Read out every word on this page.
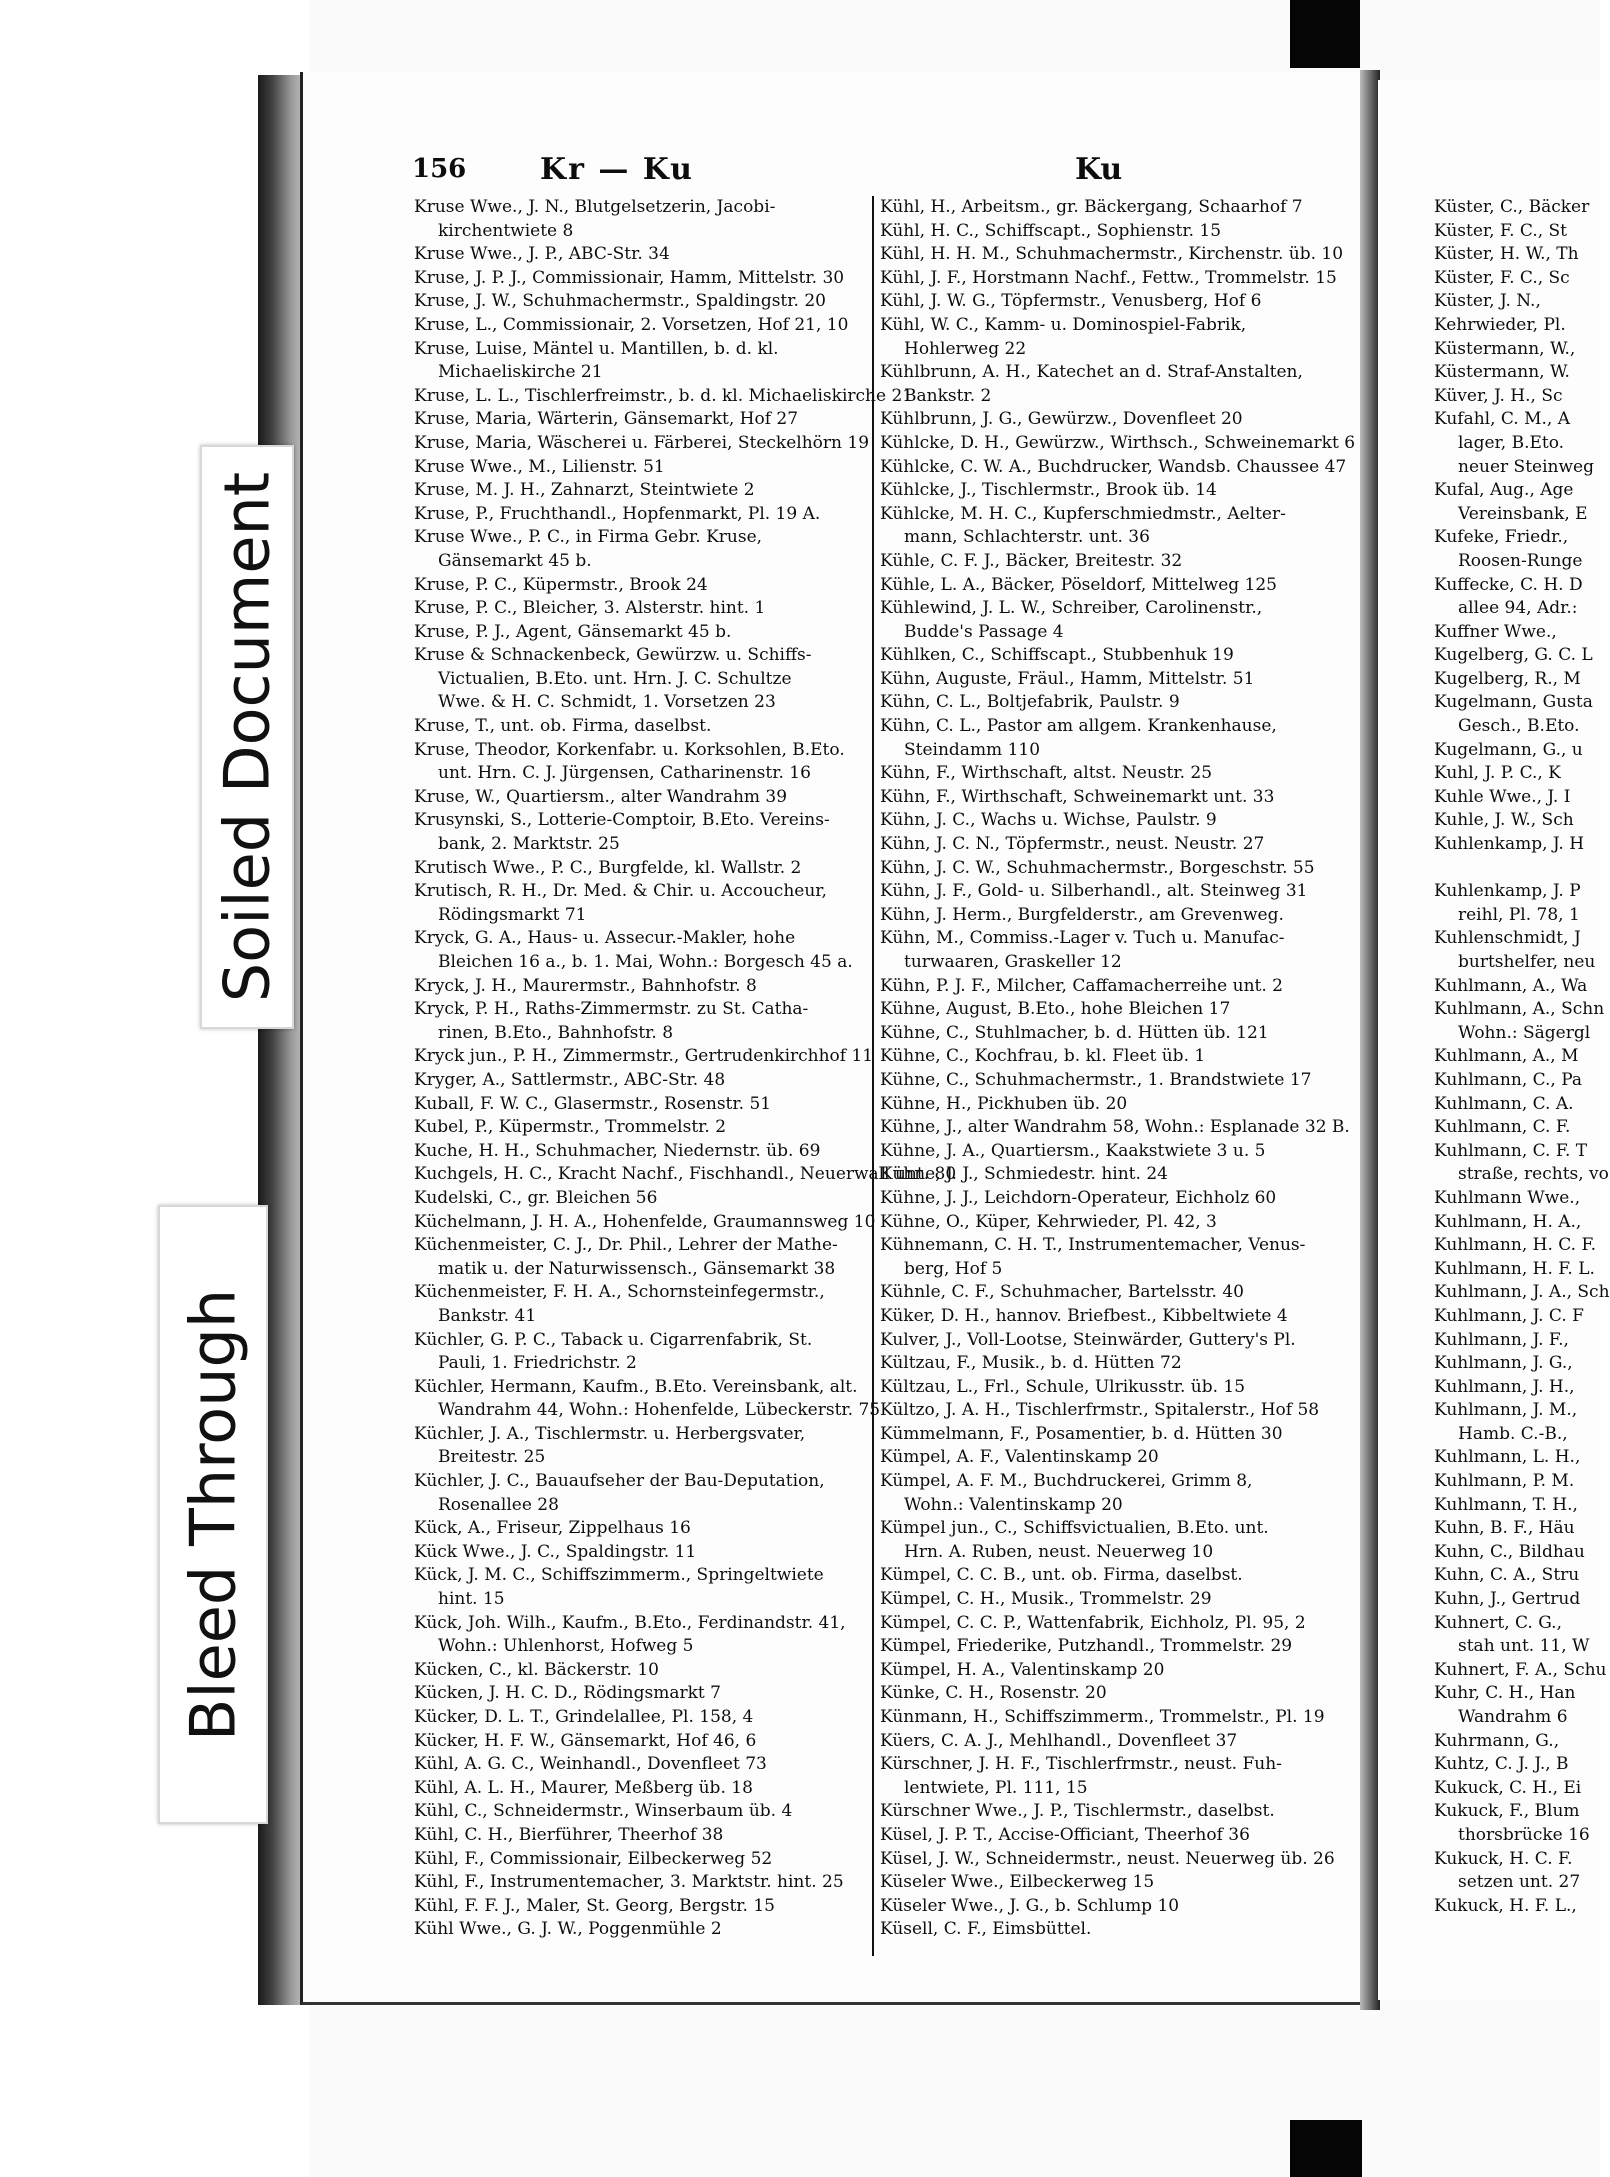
Soiled Document
Bleed Through
156 Kr — Ku	Ku
Kruse Wwe., J. N., Blutgelsetzerin, Jacobi-
kirchentwiete 8
Kruse Wwe., J. P., ABC-Str. 34
Kruse, J. P. J., Commissionair, Hamm, Mittelstr. 30
Kruse, J. W., Schuhmachermstr., Spaldingstr. 20
Kruse, L., Commissionair, 2. Vorsetzen, Hof 21, 10
Kruse, Luise, Mäntel u. Mantillen, b. d. kl.
Michaeliskirche 21
Kruse, L. L., Tischlerfreimstr., b. d. kl. Michaeliskirche 21
Kruse, Maria, Wärterin, Gänsemarkt, Hof 27
Kruse, Maria, Wäscherei u. Färberei, Steckelhörn 19
Kruse Wwe., M., Lilienstr. 51
Kruse, M. J. H., Zahnarzt, Steintwiete 2
Kruse, P., Fruchthandl., Hopfenmarkt, Pl. 19 A.
Kruse Wwe., P. C., in Firma Gebr. Kruse,
Gänsemarkt 45 b.
Kruse, P. C., Küpermstr., Brook 24
Kruse, P. C., Bleicher, 3. Alsterstr. hint. 1
Kruse, P. J., Agent, Gänsemarkt 45 b.
Kruse & Schnackenbeck, Gewürzw. u. Schiffs-
Victualien, B.Eto. unt. Hrn. J. C. Schultze
Wwe. & H. C. Schmidt, 1. Vorsetzen 23
Kruse, T., unt. ob. Firma, daselbst.
Kruse, Theodor, Korkenfabr. u. Korksohlen, B.Eto.
unt. Hrn. C. J. Jürgensen, Catharinenstr. 16
Kruse, W., Quartiersm., alter Wandrahm 39
Krusynski, S., Lotterie-Comptoir, B.Eto. Vereins-
bank, 2. Marktstr. 25
Krutisch Wwe., P. C., Burgfelde, kl. Wallstr. 2
Krutisch, R. H., Dr. Med. & Chir. u. Accoucheur,
Rödingsmarkt 71
Kryck, G. A., Haus- u. Assecur.-Makler, hohe
Bleichen 16 a., b. 1. Mai, Wohn.: Borgesch 45 a.
Kryck, J. H., Maurermstr., Bahnhofstr. 8
Kryck, P. H., Raths-Zimmermstr. zu St. Catha-
rinen, B.Eto., Bahnhofstr. 8
Kryck jun., P. H., Zimmermstr., Gertrudenkirchhof 11
Kryger, A., Sattlermstr., ABC-Str. 48
Kuball, F. W. C., Glasermstr., Rosenstr. 51
Kubel, P., Küpermstr., Trommelstr. 2
Kuche, H. H., Schuhmacher, Niedernstr. üb. 69
Kuchgels, H. C., Kracht Nachf., Fischhandl., Neuerwall unt. 80
Kudelski, C., gr. Bleichen 56
Küchelmann, J. H. A., Hohenfelde, Graumannsweg 10
Küchenmeister, C. J., Dr. Phil., Lehrer der Mathe-
matik u. der Naturwissensch., Gänsemarkt 38
Küchenmeister, F. H. A., Schornsteinfegermstr.,
Bankstr. 41
Küchler, G. P. C., Taback u. Cigarrenfabrik, St.
Pauli, 1. Friedrichstr. 2
Küchler, Hermann, Kaufm., B.Eto. Vereinsbank, alt.
Wandrahm 44, Wohn.: Hohenfelde, Lübeckerstr. 75
Küchler, J. A., Tischlermstr. u. Herbergsvater,
Breitestr. 25
Küchler, J. C., Bauaufseher der Bau-Deputation,
Rosenallee 28
Kück, A., Friseur, Zippelhaus 16
Kück Wwe., J. C., Spaldingstr. 11
Kück, J. M. C., Schiffszimmerm., Springeltwiete
hint. 15
Kück, Joh. Wilh., Kaufm., B.Eto., Ferdinandstr. 41,
Wohn.: Uhlenhorst, Hofweg 5
Kücken, C., kl. Bäckerstr. 10
Kücken, J. H. C. D., Rödingsmarkt 7
Kücker, D. L. T., Grindelallee, Pl. 158, 4
Kücker, H. F. W., Gänsemarkt, Hof 46, 6
Kühl, A. G. C., Weinhandl., Dovenfleet 73
Kühl, A. L. H., Maurer, Meßberg üb. 18
Kühl, C., Schneidermstr., Winserbaum üb. 4
Kühl, C. H., Bierführer, Theerhof 38
Kühl, F., Commissionair, Eilbeckerweg 52
Kühl, F., Instrumentemacher, 3. Marktstr. hint. 25
Kühl, F. F. J., Maler, St. Georg, Bergstr. 15
Kühl Wwe., G. J. W., Poggenmühle 2
Kühl, H., Arbeitsm., gr. Bäckergang, Schaarhof 7
Kühl, H. C., Schiffscapt., Sophienstr. 15
Kühl, H. H. M., Schuhmachermstr., Kirchenstr. üb. 10
Kühl, J. F., Horstmann Nachf., Fettw., Trommelstr. 15
Kühl, J. W. G., Töpfermstr., Venusberg, Hof 6
Kühl, W. C., Kamm- u. Dominospiel-Fabrik,
Hohlerweg 22
Kühlbrunn, A. H., Katechet an d. Straf-Anstalten,
Bankstr. 2
Kühlbrunn, J. G., Gewürzw., Dovenfleet 20
Kühlcke, D. H., Gewürzw., Wirthsch., Schweinemarkt 6
Kühlcke, C. W. A., Buchdrucker, Wandsb. Chaussee 47
Kühlcke, J., Tischlermstr., Brook üb. 14
Kühlcke, M. H. C., Kupferschmiedmstr., Aelter-
mann, Schlachterstr. unt. 36
Kühle, C. F. J., Bäcker, Breitestr. 32
Kühle, L. A., Bäcker, Pöseldorf, Mittelweg 125
Kühlewind, J. L. W., Schreiber, Carolinenstr.,
Budde's Passage 4
Kühlken, C., Schiffscapt., Stubbenhuk 19
Kühn, Auguste, Fräul., Hamm, Mittelstr. 51
Kühn, C. L., Boltjefabrik, Paulstr. 9
Kühn, C. L., Pastor am allgem. Krankenhause,
Steindamm 110
Kühn, F., Wirthschaft, altst. Neustr. 25
Kühn, F., Wirthschaft, Schweinemarkt unt. 33
Kühn, J. C., Wachs u. Wichse, Paulstr. 9
Kühn, J. C. N., Töpfermstr., neust. Neustr. 27
Kühn, J. C. W., Schuhmachermstr., Borgeschstr. 55
Kühn, J. F., Gold- u. Silberhandl., alt. Steinweg 31
Kühn, J. Herm., Burgfelderstr., am Grevenweg.
Kühn, M., Commiss.-Lager v. Tuch u. Manufac-
turwaaren, Graskeller 12
Kühn, P. J. F., Milcher, Caffamacherreihe unt. 2
Kühne, August, B.Eto., hohe Bleichen 17
Kühne, C., Stuhlmacher, b. d. Hütten üb. 121
Kühne, C., Kochfrau, b. kl. Fleet üb. 1
Kühne, C., Schuhmachermstr., 1. Brandstwiete 17
Kühne, H., Pickhuben üb. 20
Kühne, J., alter Wandrahm 58, Wohn.: Esplanade 32 B.
Kühne, J. A., Quartiersm., Kaakstwiete 3 u. 5
Kühne, J. J., Schmiedestr. hint. 24
Kühne, J. J., Leichdorn-Operateur, Eichholz 60
Kühne, O., Küper, Kehrwieder, Pl. 42, 3
Kühnemann, C. H. T., Instrumentemacher, Venus-
berg, Hof 5
Kühnle, C. F., Schuhmacher, Bartelsstr. 40
Küker, D. H., hannov. Briefbest., Kibbeltwiete 4
Kulver, J., Voll-Lootse, Steinwärder, Guttery's Pl.
Kültzau, F., Musik., b. d. Hütten 72
Kültzau, L., Frl., Schule, Ulrikusstr. üb. 15
Kültzo, J. A. H., Tischlerfrmstr., Spitalerstr., Hof 58
Kümmelmann, F., Posamentier, b. d. Hütten 30
Kümpel, A. F., Valentinskamp 20
Kümpel, A. F. M., Buchdruckerei, Grimm 8,
Wohn.: Valentinskamp 20
Kümpel jun., C., Schiffsvictualien, B.Eto. unt.
Hrn. A. Ruben, neust. Neuerweg 10
Kümpel, C. C. B., unt. ob. Firma, daselbst.
Kümpel, C. H., Musik., Trommelstr. 29
Kümpel, C. C. P., Wattenfabrik, Eichholz, Pl. 95, 2
Kümpel, Friederike, Putzhandl., Trommelstr. 29
Kümpel, H. A., Valentinskamp 20
Künke, C. H., Rosenstr. 20
Künmann, H., Schiffszimmerm., Trommelstr., Pl. 19
Küers, C. A. J., Mehlhandl., Dovenfleet 37
Kürschner, J. H. F., Tischlerfrmstr., neust. Fuh-
lentwiete, Pl. 111, 15
Kürschner Wwe., J. P., Tischlermstr., daselbst.
Küsel, J. P. T., Accise-Officiant, Theerhof 36
Küsel, J. W., Schneidermstr., neust. Neuerweg üb. 26
Küseler Wwe., Eilbeckerweg 15
Küseler Wwe., J. G., b. Schlump 10
Küsell, C. F., Eimsbüttel.
Küster, C., Bäcker
Küster, F. C., St
Küster, H. W., Th
Küster, F. C., Sc
Küster, J. N.,
Kehrwieder, Pl.
Küstermann, W.,
Küstermann, W.
Küver, J. H., Sc
Kufahl, C. M., A
lager, B.Eto.
neuer Steinweg
Kufal, Aug., Age
Vereinsbank, E
Kufeke, Friedr.,
Roosen-Runge
Kuffecke, C. H. D
allee 94, Adr.:
Kuffner Wwe.,
Kugelberg, G. C. L
Kugelberg, R., M
Kugelmann, Gusta
Gesch., B.Eto.
Kugelmann, G., u
Kuhl, J. P. C., K
Kuhle Wwe., J. I
Kuhle, J. W., Sch
Kuhlenkamp, J. H
Kuhlenkamp, J. P
reihl, Pl. 78, 1
Kuhlenschmidt, J
burtshelfer, neu
Kuhlmann, A., Wa
Kuhlmann, A., Schn
Wohn.: Sägergl
Kuhlmann, A., M
Kuhlmann, C., Pa
Kuhlmann, C. A.
Kuhlmann, C. F.
Kuhlmann, C. F. T
straße, rechts, vo
Kuhlmann Wwe.,
Kuhlmann, H. A.,
Kuhlmann, H. C. F.
Kuhlmann, H. F. L.
Kuhlmann, J. A., Sch
Kuhlmann, J. C. F
Kuhlmann, J. F.,
Kuhlmann, J. G.,
Kuhlmann, J. H.,
Kuhlmann, J. M.,
Hamb. C.-B.,
Kuhlmann, L. H.,
Kuhlmann, P. M.
Kuhlmann, T. H.,
Kuhn, B. F., Häu
Kuhn, C., Bildhau
Kuhn, C. A., Stru
Kuhn, J., Gertrud
Kuhnert, C. G.,
stah unt. 11, W
Kuhnert, F. A., Schu
Kuhr, C. H., Han
Wandrahm 6
Kuhrmann, G.,
Kuhtz, C. J. J., B
Kukuck, C. H., Ei
Kukuck, F., Blum
thorsbrücke 16
Kukuck, H. C. F.
setzen unt. 27
Kukuck, H. F. L.,
